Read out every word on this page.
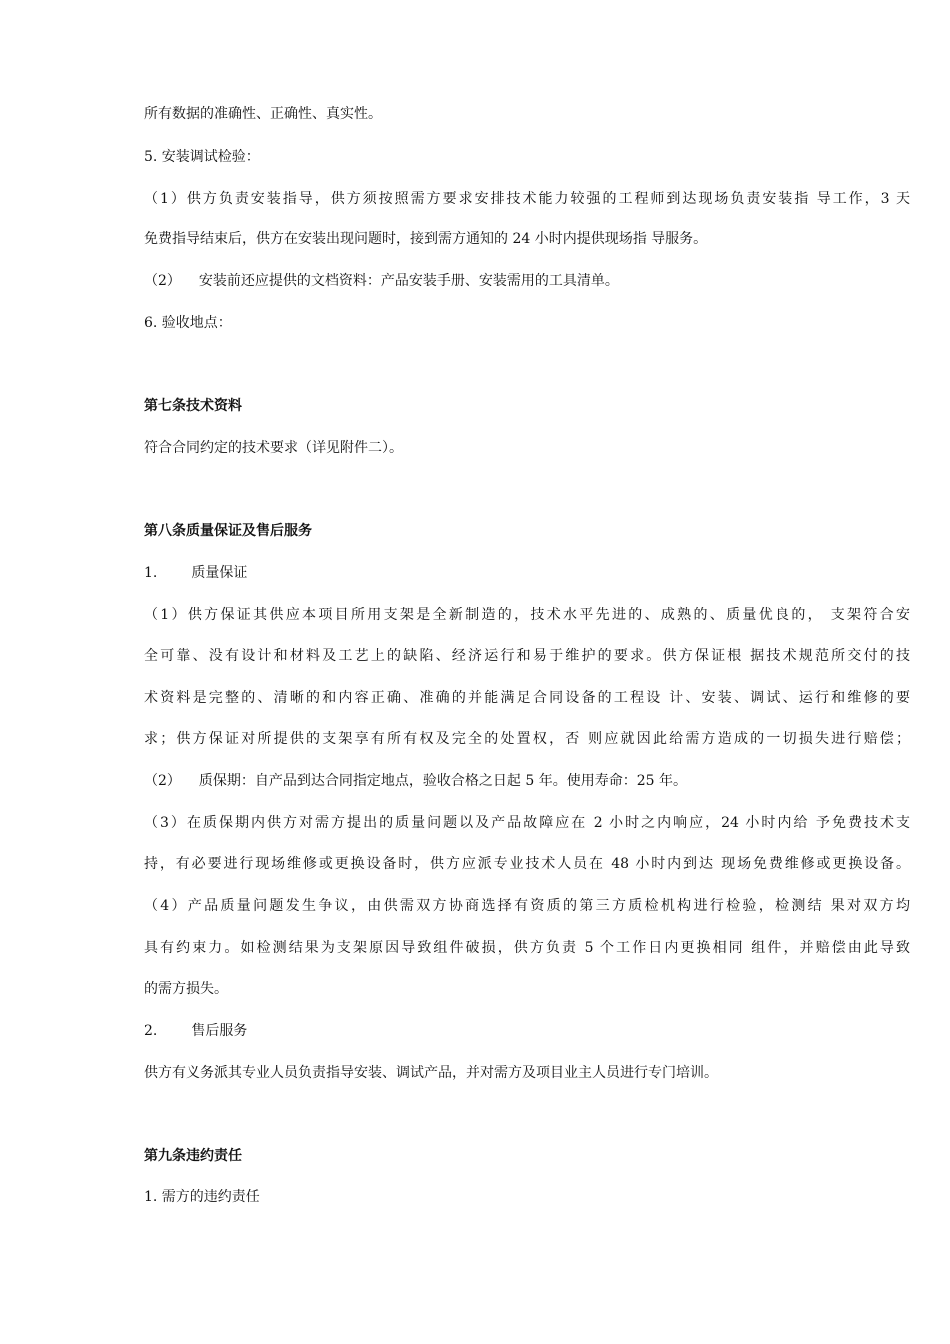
所有数据的准确性、正确性、真实性。
5. 安装调试检验：
（1）供方负责安装指导，供方须按照需方要求安排技术能力较强的工程师到达现场负责安装指 导工作，3 天
免费指导结束后，供方在安装出现问题时，接到需方通知的 24 小时内提供现场指 导服务。
（2） 安装前还应提供的文档资料：产品安装手册、安装需用的工具清单。
6. 验收地点：
第七条技术资料
符合合同约定的技术要求（详见附件二）。
第八条质量保证及售后服务
1. 质量保证
（1）供方保证其供应本项目所用支架是全新制造的，技术水平先进的、成熟的、质量优良的， 支架符合安
全可靠、没有设计和材料及工艺上的缺陷、经济运行和易于维护的要求。供方保证根 据技术规范所交付的技
术资料是完整的、清晰的和内容正确、准确的并能满足合同设备的工程设 计、安装、调试、运行和维修的要
求；供方保证对所提供的支架享有所有权及完全的处置权，否 则应就因此给需方造成的一切损失进行赔偿；
（2） 质保期：自产品到达合同指定地点，验收合格之日起 5 年。使用寿命：25 年。
（3）在质保期内供方对需方提出的质量问题以及产品故障应在 2 小时之内响应，24 小时内给 予免费技术支
持，有必要进行现场维修或更换设备时，供方应派专业技术人员在 48 小时内到达 现场免费维修或更换设备。
（4）产品质量问题发生争议，由供需双方协商选择有资质的第三方质检机构进行检验，检测结 果对双方均
具有约束力。如检测结果为支架原因导致组件破损，供方负责 5 个工作日内更换相同 组件，并赔偿由此导致
的需方损失。
2. 售后服务
供方有义务派其专业人员负责指导安装、调试产品，并对需方及项目业主人员进行专门培训。
第九条违约责任
1. 需方的违约责任
